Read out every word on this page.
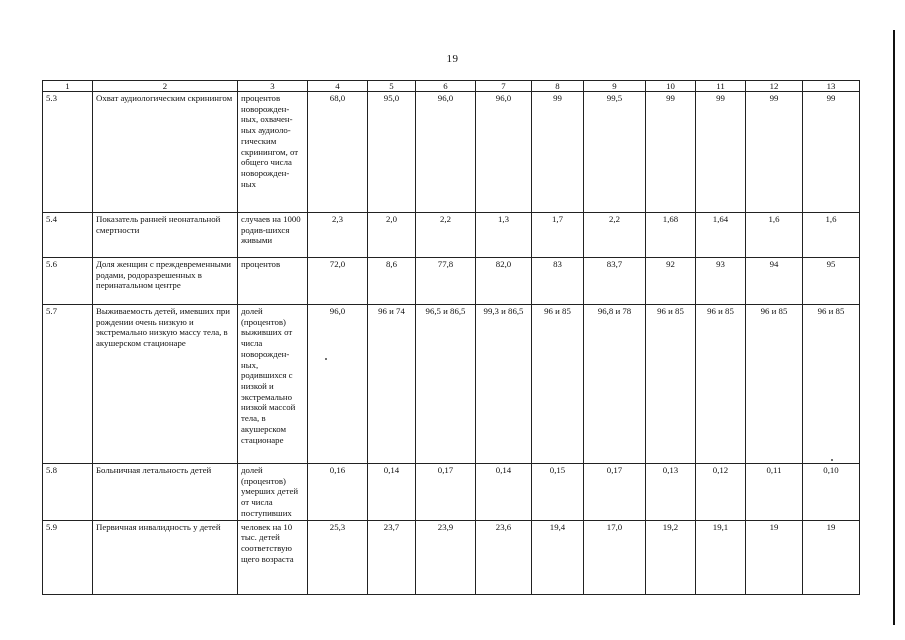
19
1	2	3	4	5	6	7	8	9	10	11	12	13
5.3	Охват аудиологическим скринингом	процентов новорожден-ных, охвачен-ных аудиоло-гическим скринингом, от общего числа новорожден-ных	68,0	95,0	96,0	96,0	99	99,5	99	99	99	99
5.4	Показатель ранней неонатальной смертности	случаев на 1000 родив-шихся живыми	2,3	2,0	2,2	1,3	1,7	2,2	1,68	1,64	1,6	1,6
5.6	Доля женщин с преждевременными родами, родоразрешенных в перинатальном центре	процентов	72,0	8,6	77,8	82,0	83	83,7	92	93	94	95
5.7	Выживаемость детей, имевших при рождении очень низкую и экстремально низкую массу тела, в акушерском стационаре	долей (процентов) выживших от числа новорожден-ных, родившихся с низкой и экстремально низкой массой тела, в акушерском стационаре	96,0	96 и 74	96,5 и 86,5	99,3 и 86,5	96 и 85	96,8 и 78	96 и 85	96 и 85	96 и 85	96 и 85
5.8	Больничная летальность детей	долей (процентов) умерших детей от числа поступивших	0,16	0,14	0,17	0,14	0,15	0,17	0,13	0,12	0,11	0,10
5.9	Первичная инвалидность у детей	человек на 10 тыс. детей соответствую щего возраста	25,3	23,7	23,9	23,6	19,4	17,0	19,2	19,1	19	19
